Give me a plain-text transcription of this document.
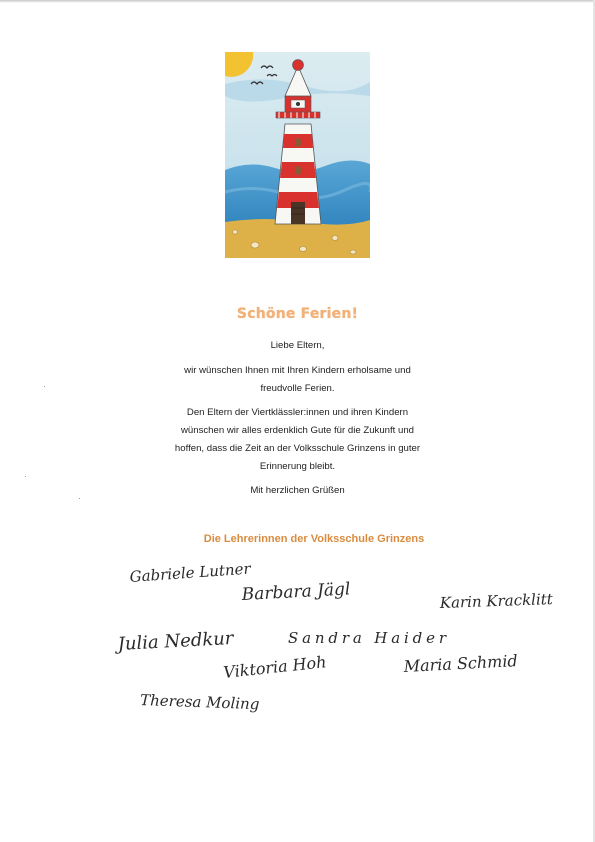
Schöne Ferien!
Liebe Eltern,
wir wünschen Ihnen mit Ihren Kindern erholsame und
freudvolle Ferien.
Den Eltern der Viertklässler:innen und ihren Kindern
wünschen wir alles erdenklich Gute für die Zukunft und
hoffen, dass die Zeit an der Volksschule Grinzens in guter
Erinnerung bleibt.
Mit herzlichen Grüßen
Die Lehrerinnen der Volksschule Grinzens
Gabriele Lutner
Barbara Jägl	Karin Kracklitt
Julia Nedkur	Sandra Haider
Viktoria Hoh	Maria Schmid
Theresa Moling
